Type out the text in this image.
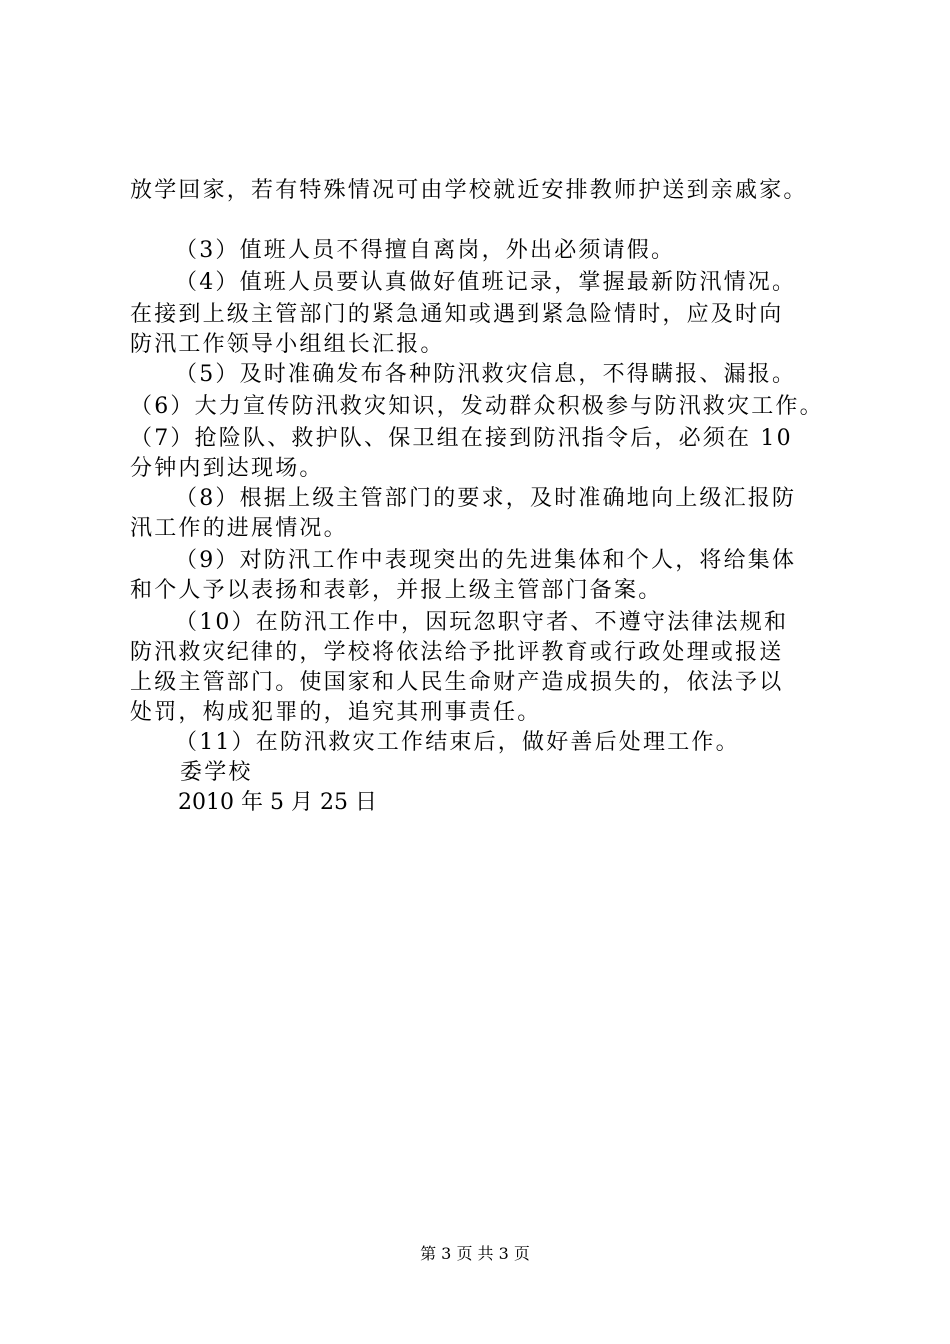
放学回家，若有特殊情况可由学校就近安排教师护送到亲戚家。
（3）值班人员不得擅自离岗，外出必须请假。
（4）值班人员要认真做好值班记录，掌握最新防汛情况。
在接到上级主管部门的紧急通知或遇到紧急险情时，应及时向
防汛工作领导小组组长汇报。
（5）及时准确发布各种防汛救灾信息，不得瞒报、漏报。
（6）大力宣传防汛救灾知识，发动群众积极参与防汛救灾工作。
（7）抢险队、救护队、保卫组在接到防汛指令后，必须在 10
分钟内到达现场。
（8）根据上级主管部门的要求，及时准确地向上级汇报防
汛工作的进展情况。
（9）对防汛工作中表现突出的先进集体和个人，将给集体
和个人予以表扬和表彰，并报上级主管部门备案。
（10）在防汛工作中，因玩忽职守者、不遵守法律法规和
防汛救灾纪律的，学校将依法给予批评教育或行政处理或报送
上级主管部门。使国家和人民生命财产造成损失的，依法予以
处罚，构成犯罪的，追究其刑事责任。
（11）在防汛救灾工作结束后，做好善后处理工作。
委学校
2010 年 5 月 25 日
第 3 页 共 3 页
